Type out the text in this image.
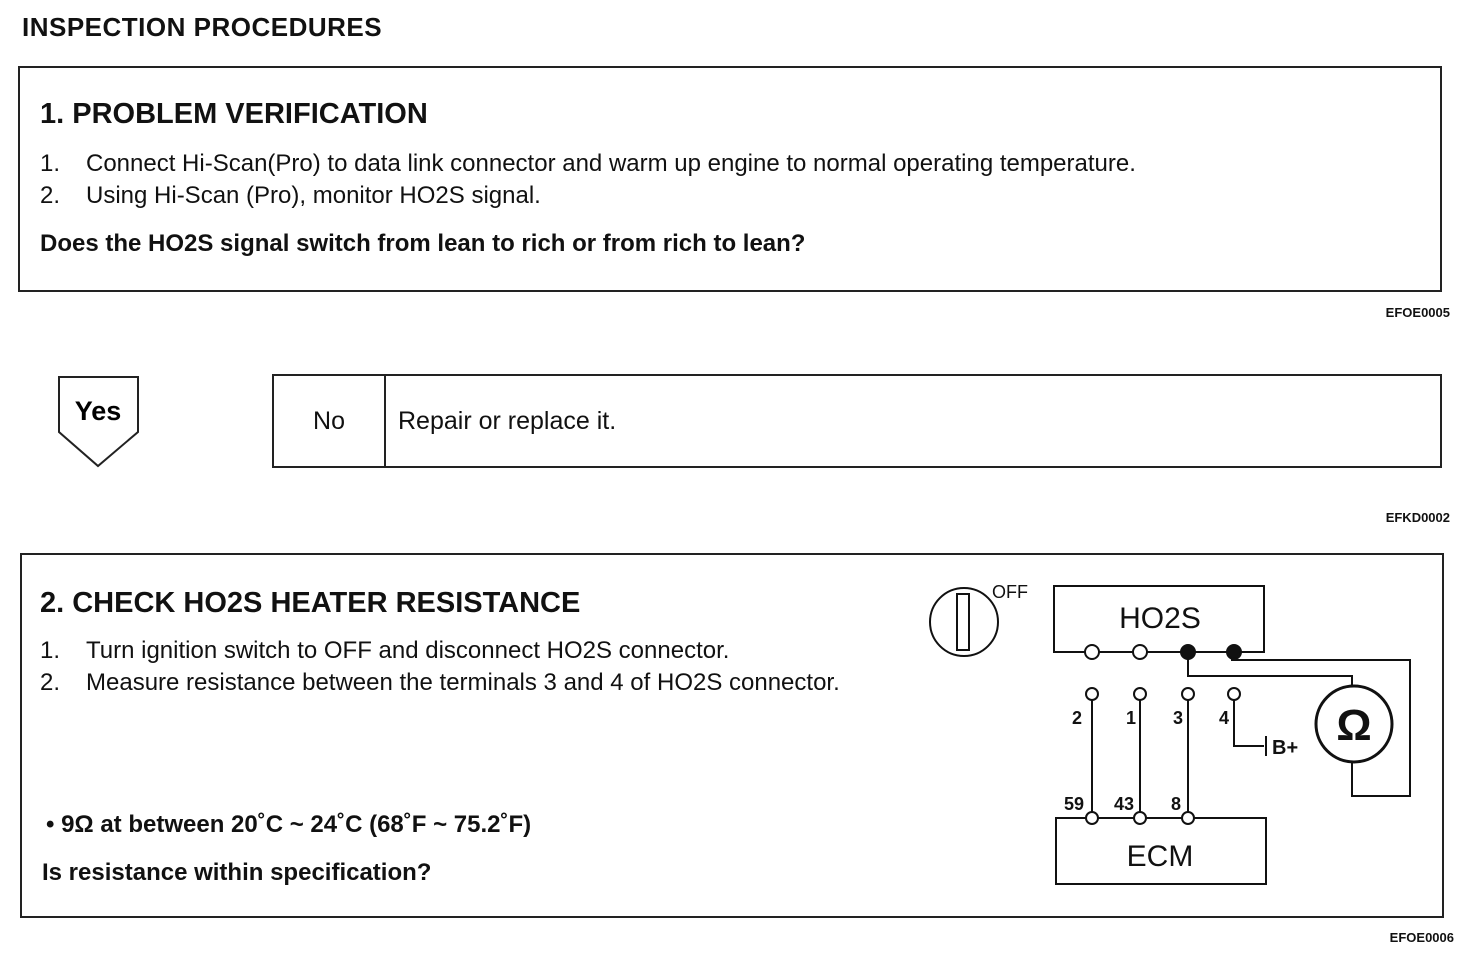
INSPECTION PROCEDURES
1. PROBLEM VERIFICATION
1.	Connect Hi-Scan(Pro) to data link connector and warm up engine to normal operating temperature.
2.	Using Hi-Scan (Pro), monitor HO2S signal.
Does the HO2S signal switch from lean to rich or from rich to lean?
EFOE0005
Yes	No	Repair or replace it.
EFKD0002
2. CHECK HO2S HEATER RESISTANCE
1.	Turn ignition switch to OFF and disconnect HO2S connector.
2.	Measure resistance between the terminals 3 and 4 of HO2S connector.
• 9Ω at between 20˚C ~ 24˚C (68˚F ~ 75.2˚F)
Is resistance within specification?
EFOE0006
OFF
HO2S
ECM
Ω
B+
2 1 3 4
59 43 8
